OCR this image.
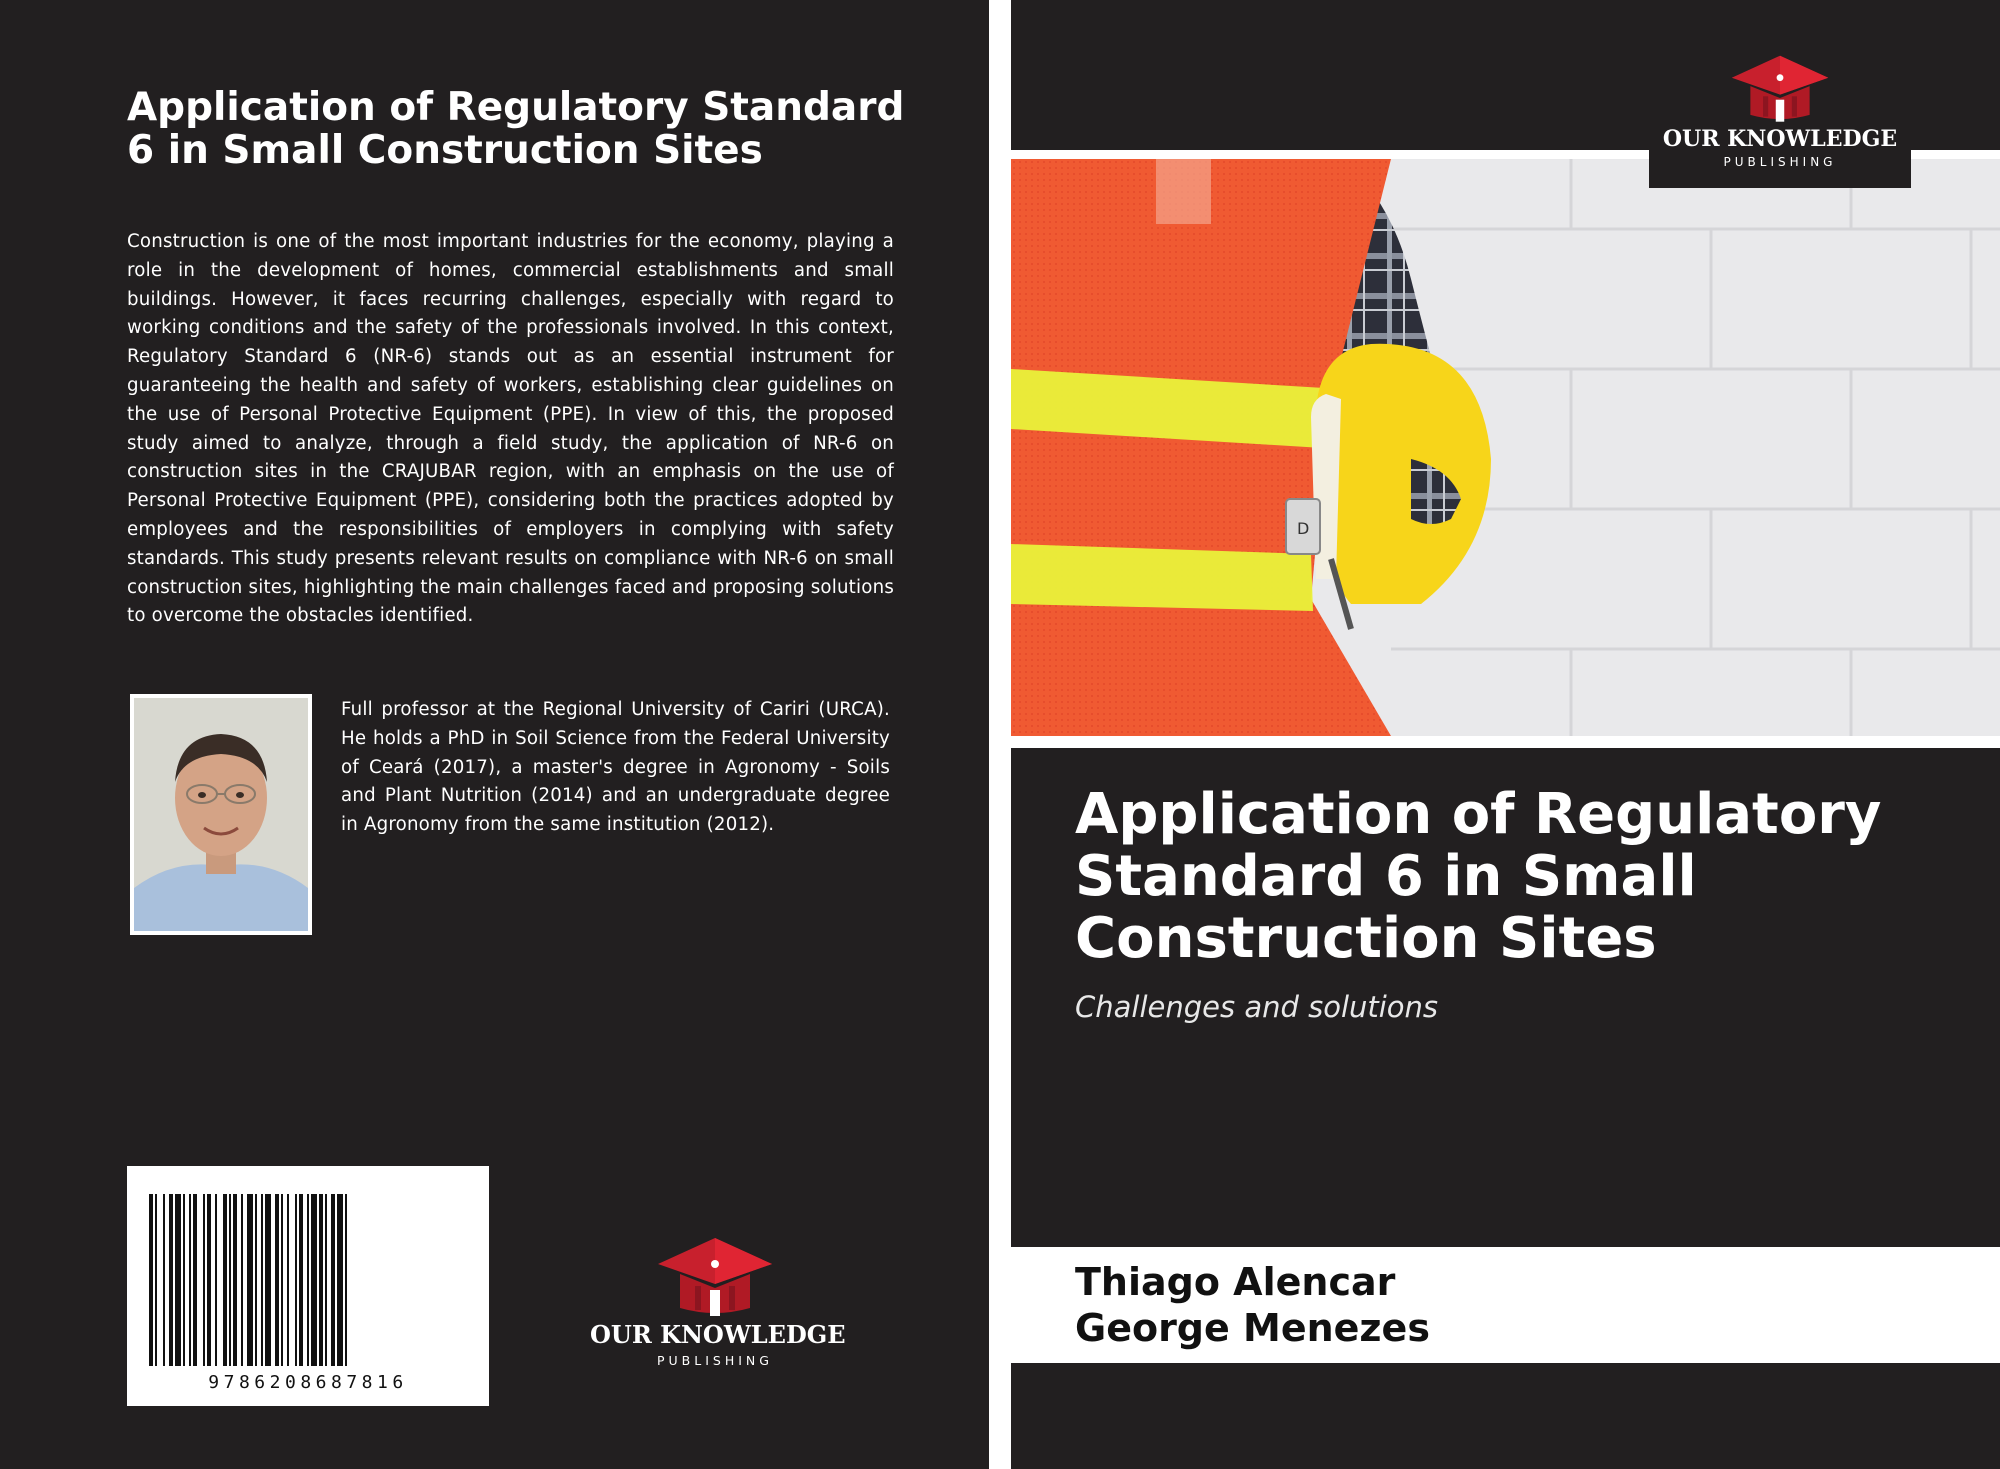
Application of Regulatory Standard 6 in Small Construction Sites

Construction is one of the most important industries for the economy, playing a role in the development of homes, commercial establishments and small buildings. However, it faces recurring challenges, especially with regard to working conditions and the safety of the professionals involved. In this context, Regulatory Standard 6 (NR-6) stands out as an essential instrument for guaranteeing the health and safety of workers, establishing clear guidelines on the use of Personal Protective Equipment (PPE). In view of this, the proposed study aimed to analyze, through a field study, the application of NR-6 on construction sites in the CRAJUBAR region, with an emphasis on the use of Personal Protective Equipment (PPE), considering both the practices adopted by employees and the responsibilities of employers in complying with safety standards. This study presents relevant results on compliance with NR-6 on small construction sites, highlighting the main challenges faced and proposing solutions to overcome the obstacles identified.

Full professor at the Regional University of Cariri (URCA). He holds a PhD in Soil Science from the Federal University of Ceará (2017), a master's degree in Agronomy - Soils and Plant Nutrition (2014) and an undergraduate degree in Agronomy from the same institution (2012).

9786208687816
OUR KNOWLEDGE
PUBLISHING
D
OUR KNOWLEDGE
PUBLISHING
Application of Regulatory Standard 6 in Small Construction Sites

Challenges and solutions

Thiago Alencar
George Menezes
